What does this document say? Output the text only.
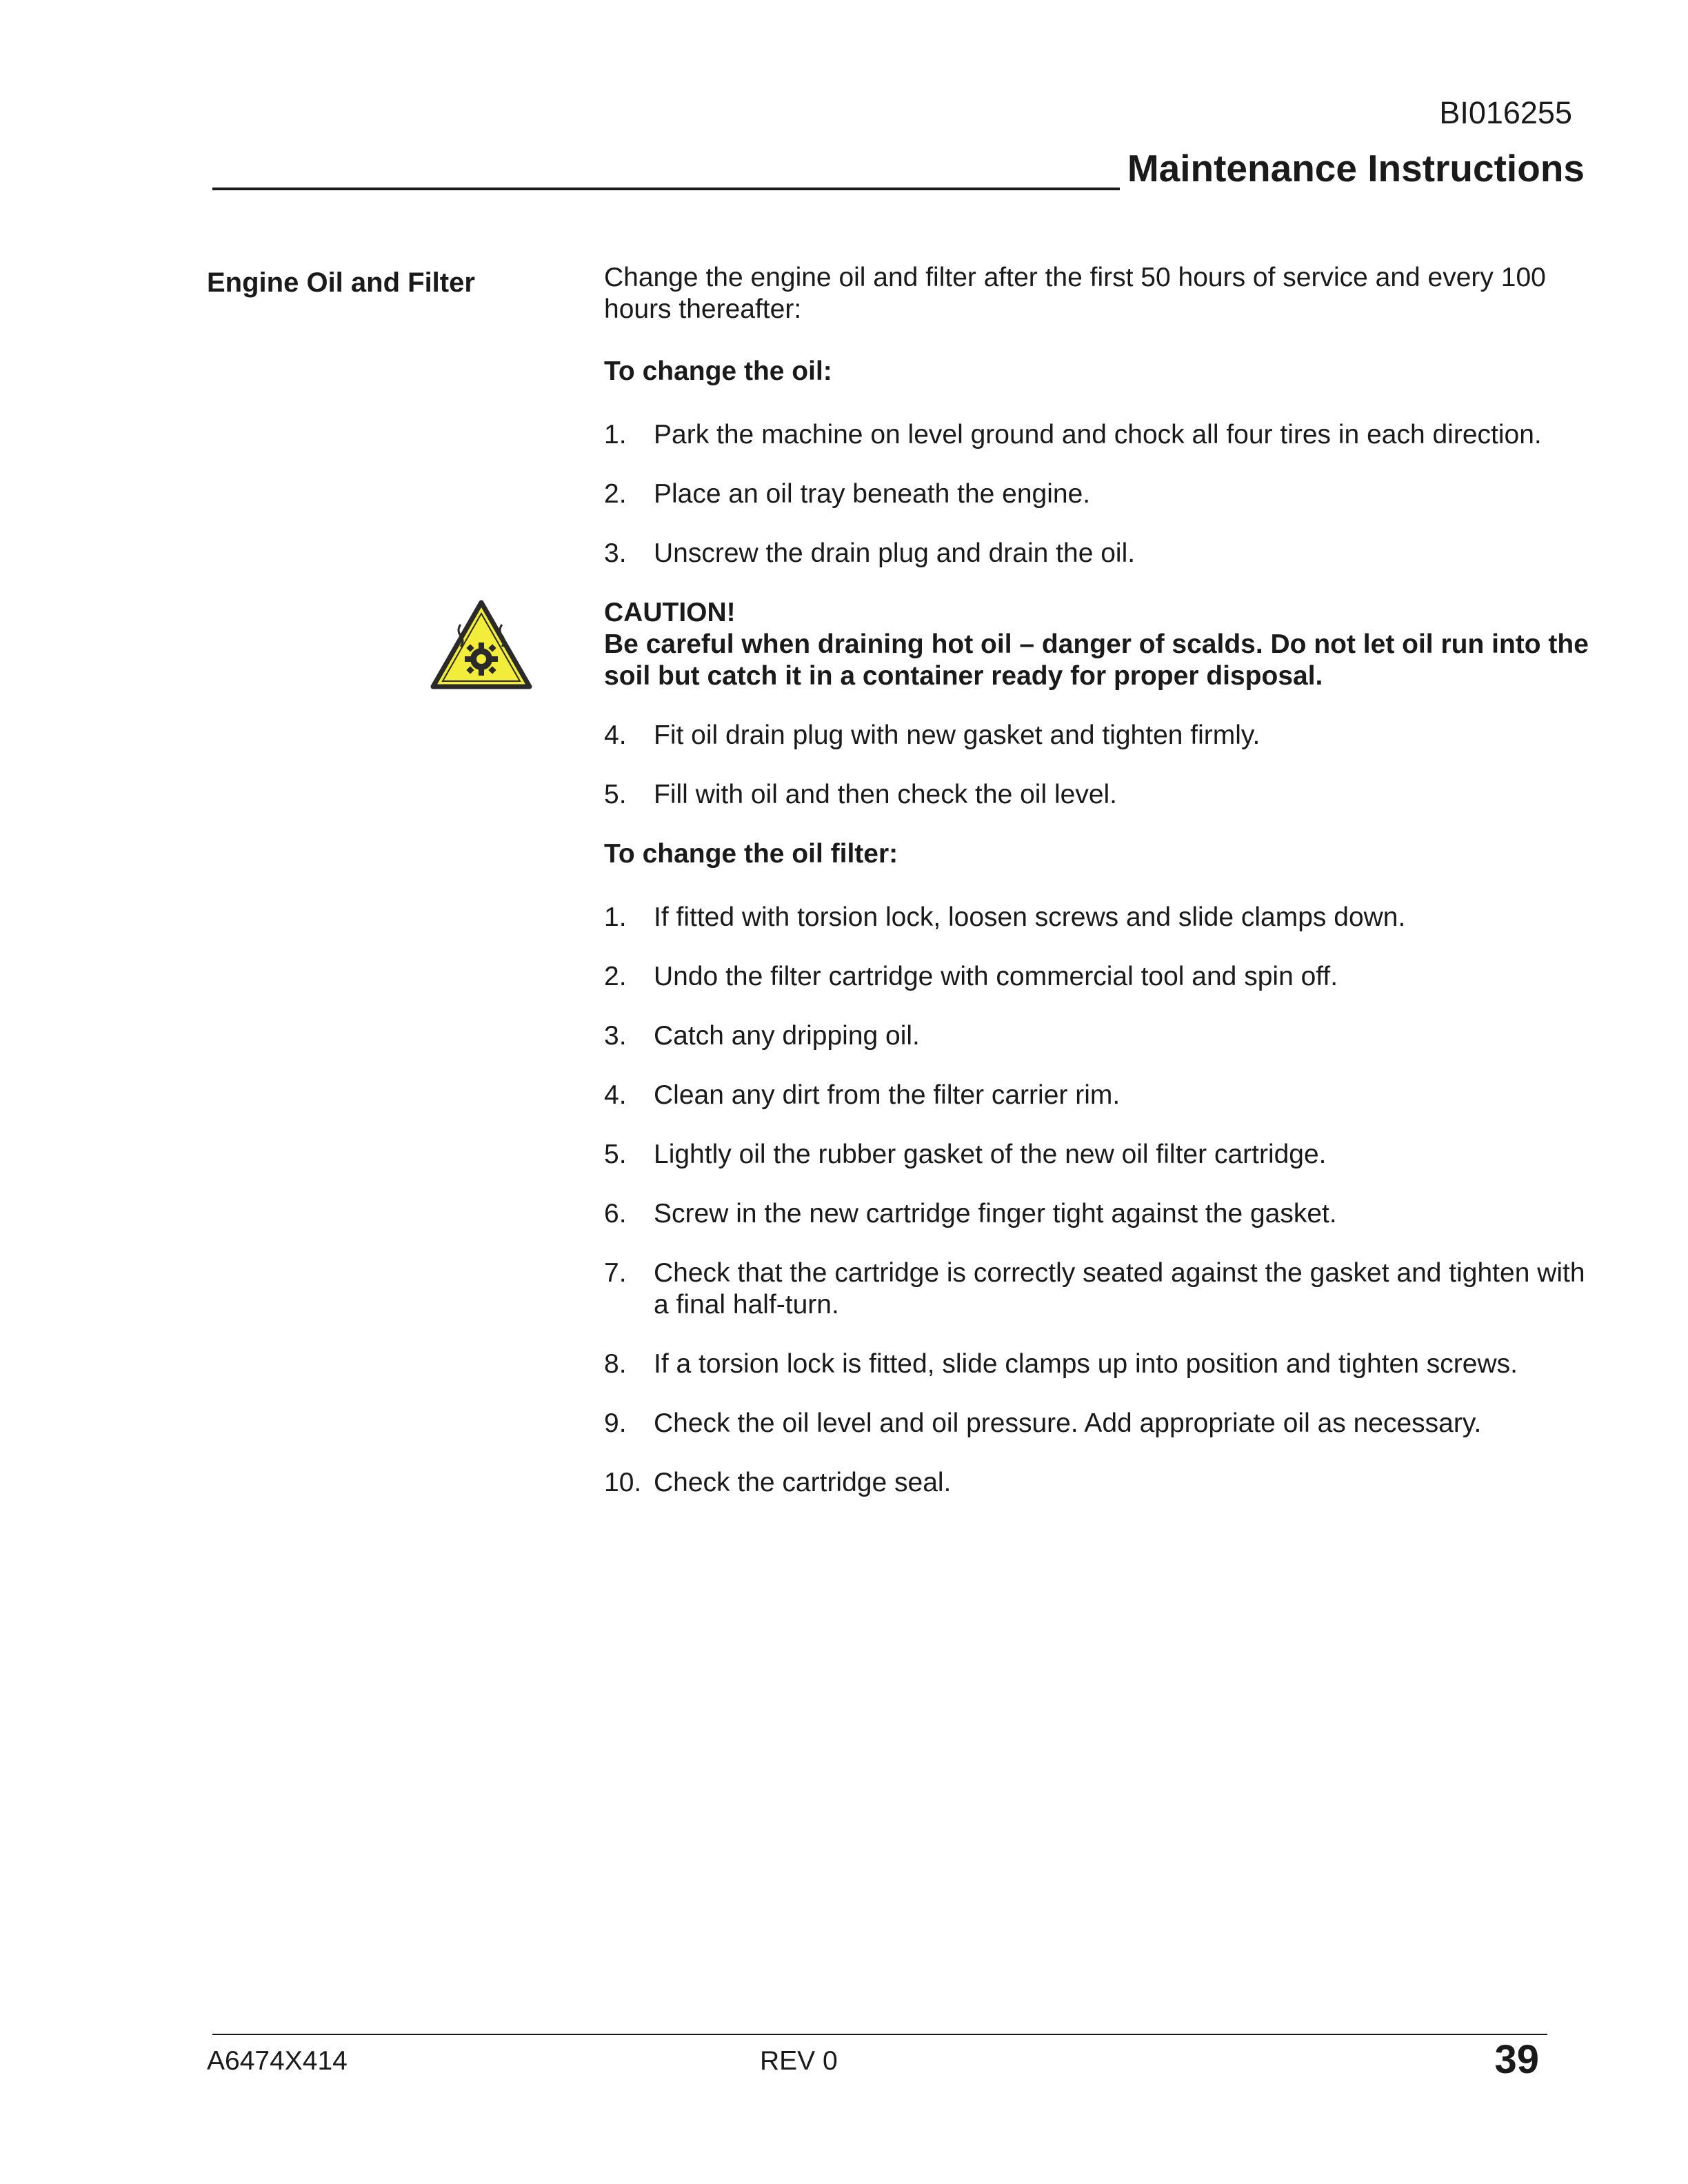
BI016255
Maintenance Instructions
Engine Oil and Filter	Change the engine oil and filter after the first 50 hours of service and every 100 hours thereafter:

To change the oil:
1.	Park the machine on level ground and chock all four tires in each direction.
2.	Place an oil tray beneath the engine.
3.	Unscrew the drain plug and drain the oil.
CAUTION!
Be careful when draining hot oil – danger of scalds. Do not let oil run into the soil but catch it in a container ready for proper disposal.
4.	Fit oil drain plug with new gasket and tighten firmly.
5.	Fill with oil and then check the oil level.
To change the oil filter:
1.	If fitted with torsion lock, loosen screws and slide clamps down.
2.	Undo the filter cartridge with commercial tool and spin off.
3.	Catch any dripping oil.
4.	Clean any dirt from the filter carrier rim.
5.	Lightly oil the rubber gasket of the new oil filter cartridge.
6.	Screw in the new cartridge finger tight against the gasket.
7.	Check that the cartridge is correctly seated against the gasket and tighten with a final half-turn.
8.	If a torsion lock is fitted, slide clamps up into position and tighten screws.
9.	Check the oil level and oil pressure. Add appropriate oil as necessary.
10. Check the cartridge seal.
A6474X414	REV 0	39
